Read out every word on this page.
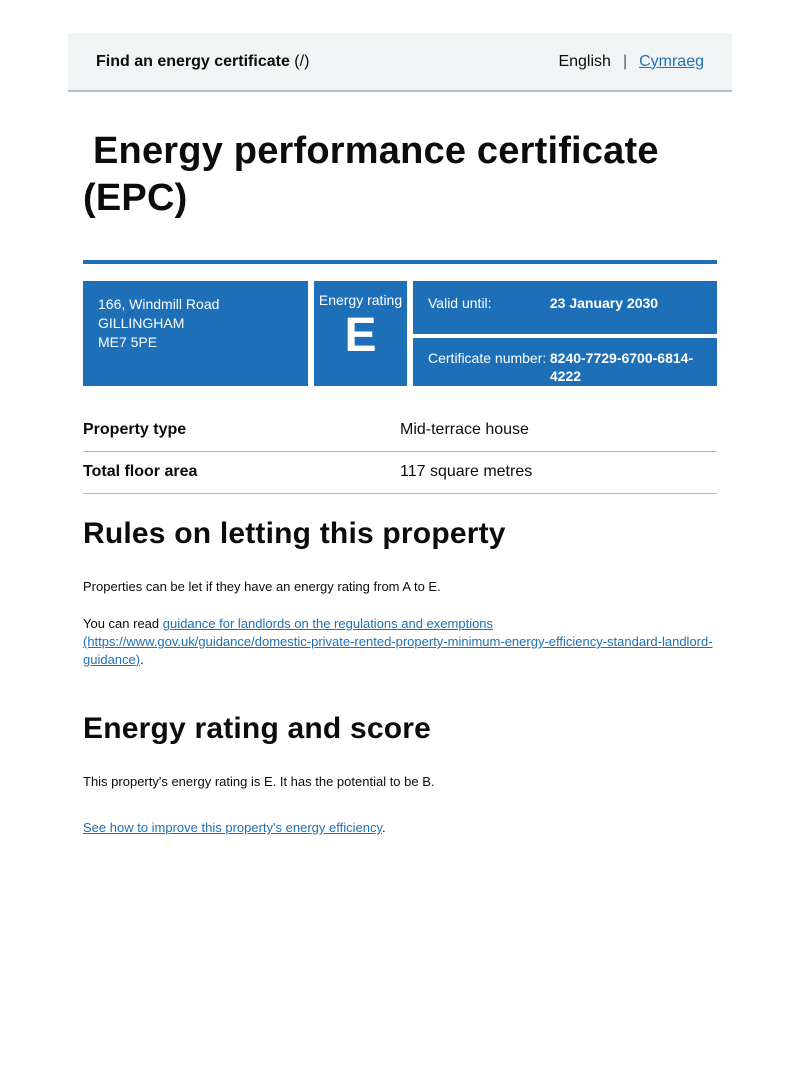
Find an energy certificate (/)	English | Cymraeg
Energy performance certificate (EPC)
166, Windmill Road
GILLINGHAM
ME7 5PE
Energy rating
E
Valid until:	23 January 2030
Certificate number: 8240-7729-6700-6814-4222
Property type	Mid-terrace house
Total floor area	117 square metres
Rules on letting this property

Properties can be let if they have an energy rating from A to E.

You can read guidance for landlords on the regulations and exemptions (https://www.gov.uk/guidance/domestic-private-rented-property-minimum-energy-efficiency-standard-landlord-guidance).

Energy rating and score

This property's energy rating is E. It has the potential to be B.

See how to improve this property's energy efficiency.
